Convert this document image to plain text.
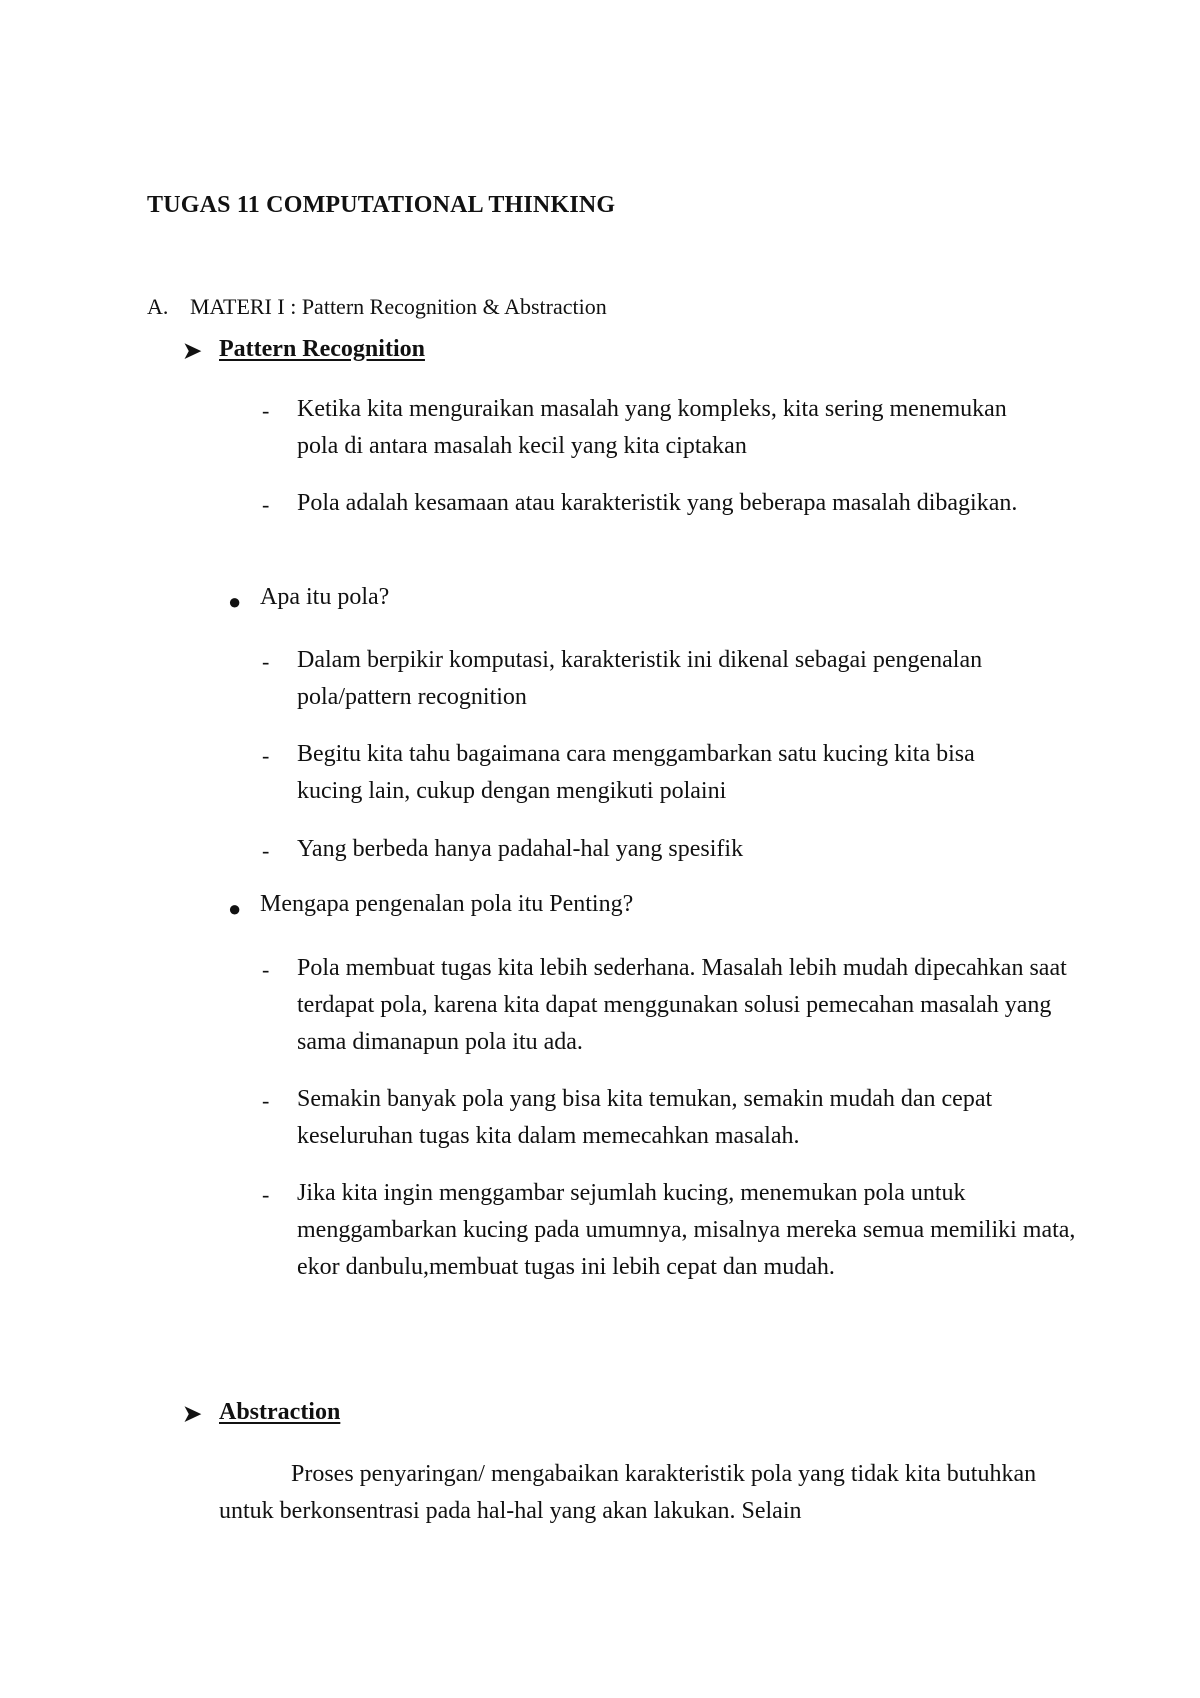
TUGAS 11 COMPUTATIONAL THINKING
A. MATERI I : Pattern Recognition & Abstraction
➤ Pattern Recognition
- Ketika kita menguraikan masalah yang kompleks, kita sering menemukan pola di antara masalah kecil yang kita ciptakan
- Pola adalah kesamaan atau karakteristik yang beberapa masalah dibagikan.
● Apa itu pola?
- Dalam berpikir komputasi, karakteristik ini dikenal sebagai pengenalan pola/pattern recognition
- Begitu kita tahu bagaimana cara menggambarkan satu kucing kita bisa kucing lain, cukup dengan mengikuti polaini
- Yang berbeda hanya padahal-hal yang spesifik
● Mengapa pengenalan pola itu Penting?
- Pola membuat tugas kita lebih sederhana. Masalah lebih mudah dipecahkan saat terdapat pola, karena kita dapat menggunakan solusi pemecahan masalah yang sama dimanapun pola itu ada.
- Semakin banyak pola yang bisa kita temukan, semakin mudah dan cepat keseluruhan tugas kita dalam memecahkan masalah.
- Jika kita ingin menggambar sejumlah kucing, menemukan pola untuk menggambarkan kucing pada umumnya, misalnya mereka semua memiliki mata, ekor danbulu,membuat tugas ini lebih cepat dan mudah.
➤ Abstraction
Proses penyaringan/ mengabaikan karakteristik pola yang tidak kita butuhkan untuk berkonsentrasi pada hal-hal yang akan lakukan. Selain
